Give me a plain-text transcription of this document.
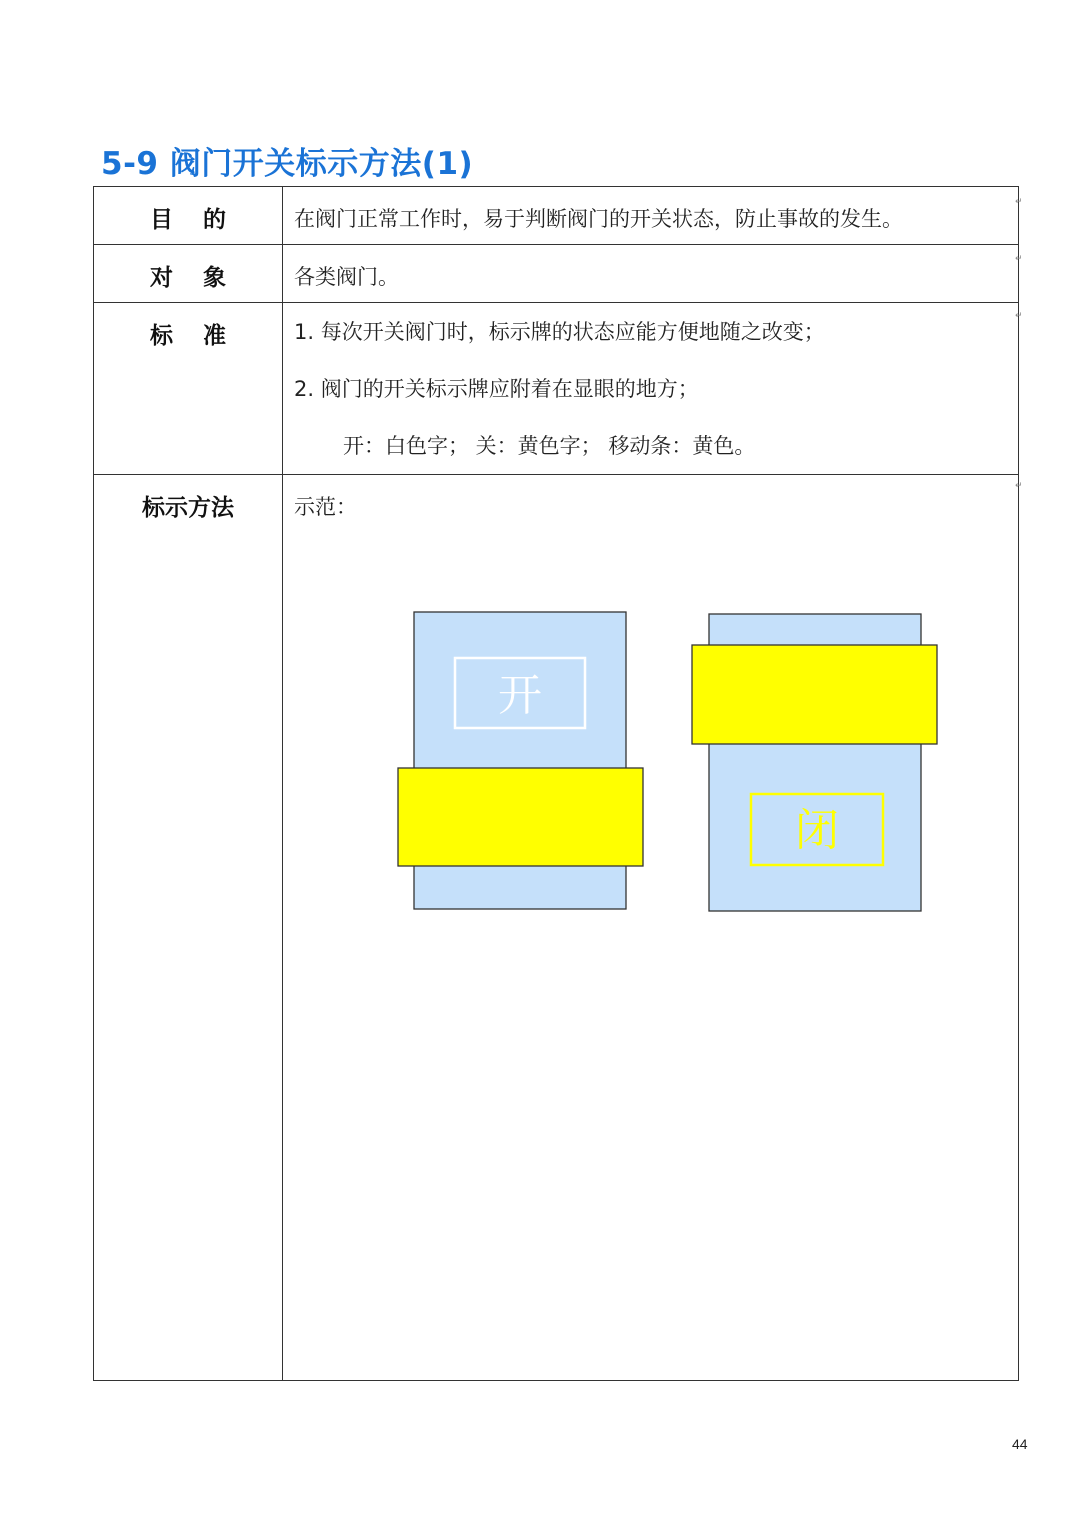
5-9 阀门开关标示方法(1)
目的	在阀门正常工作时，易于判断阀门的开关状态，防止事故的发生。

对象	各类阀门。

标准	1. 每次开关阀门时，标示牌的状态应能方便地随之改变；
2. 阀门的开关标示牌应附着在显眼的地方；
开：白色字； 关：黄色字； 移动条：黄色。

标示方法	示范：
开
闭
↵
↵
↵
↵
44
